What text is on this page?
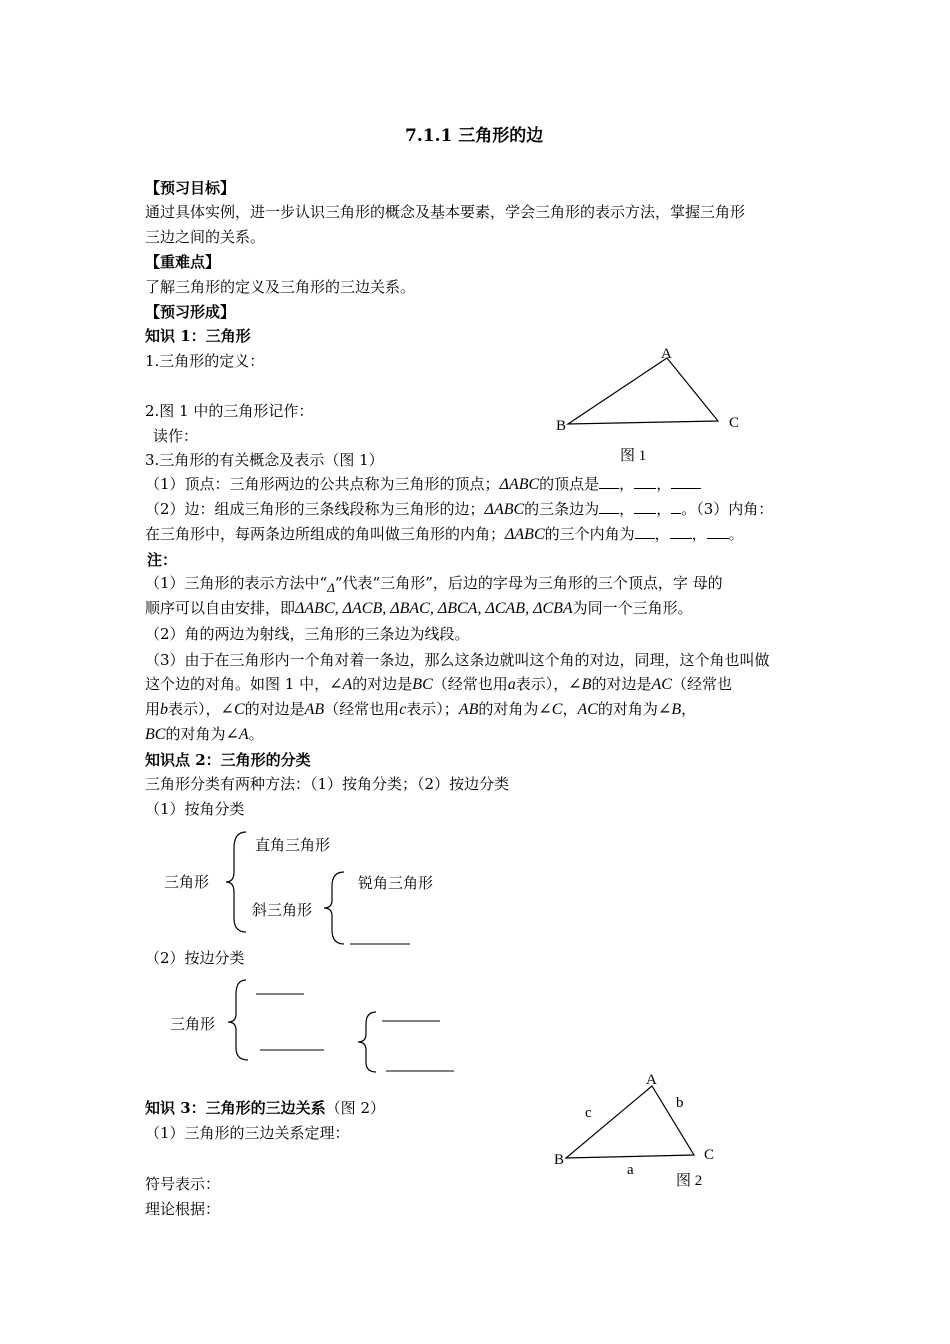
7.1.1 三角形的边
【预习目标】
通过具体实例，进一步认识三角形的概念及基本要素，学会三角形的表示方法，掌握三角形
三边之间的关系。
【重难点】
了解三角形的定义及三角形的三边关系。
【预习形成】
知识 1：三角形
1.三角形的定义：
2.图 1 中的三角形记作：
读作：
3.三角形的有关概念及表示（图 1）
A
B	C
图 1
（1）顶点：三角形两边的公共点称为三角形的顶点；ΔABC的顶点是 ， ，
（2）边：组成三角形的三条线段称为三角形的边；ΔABC的三条边为 ， ， 。（3）内角：
在三角形中，每两条边所组成的角叫做三角形的内角；ΔABC的三个内角为 ， ， 。
注：
（1）三角形的表示方法中“Δ”代表“三角形”，后边的字母为三角形的三个顶点，字 母的
顺序可以自由安排，即ΔABC, ΔACB, ΔBAC, ΔBCA, ΔCAB, ΔCBA为同一个三角形。
（2）角的两边为射线，三角形的三条边为线段。
（3）由于在三角形内一个角对着一条边，那么这条边就叫这个角的对边，同理，这个角也叫做
这个边的对角。如图 1 中，∠A的对边是BC（经常也用a表示），∠B的对边是AC（经常也
用b表示），∠C的对边是AB（经常也用c表示）；AB的对角为∠C，AC的对角为∠B，
BC的对角为∠A。
知识点 2：三角形的分类
三角形分类有两种方法：（1）按角分类；（2）按边分类
（1）按角分类
三角形
直角三角形
斜三角形
锐角三角形
（2）按边分类
三角形
知识 3：三角形的三边关系（图 2）
（1）三角形的三边关系定理：
符号表示：
理论根据：
A
B	C
a
b
c
图 2
